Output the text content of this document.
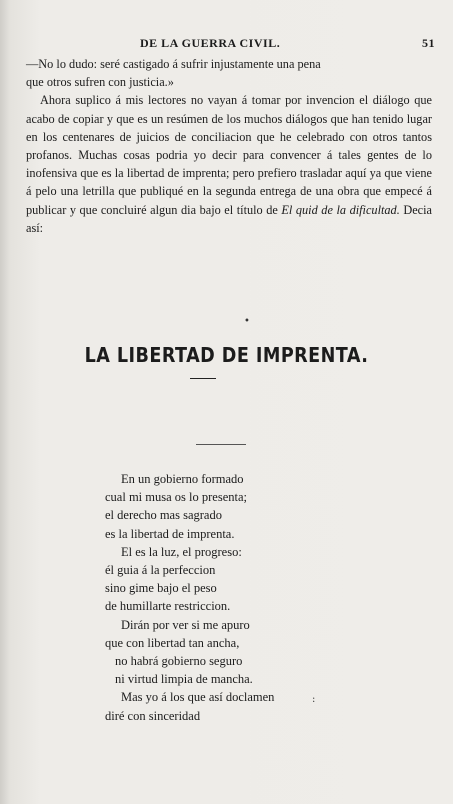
DE LA GUERRA CIVIL.	51

—No lo dudo: seré castigado á sufrir injustamente una pena
que otros sufren con justicia.»

Ahora suplico á mis lectores no vayan á tomar por invencion el diálogo que acabo de copiar y que es un resúmen de los muchos diálogos que han tenido lugar en los centenares de juicios de conciliacion que he celebrado con otros tantos profanos. Muchas cosas podria yo decir para convencer á tales gentes de lo inofensiva que es la libertad de imprenta; pero prefiero trasladar aquí ya que viene á pelo una letrilla que publiqué en la segunda entrega de una obra que empecé á publicar y que concluiré algun dia bajo el título de El quid de la dificultad. Decia así:

•
LA LIBERTAD DE IMPRENTA.
En un gobierno formado
cual mi musa os lo presenta;
el derecho mas sagrado
es la libertad de imprenta.
El es la luz, el progreso:
él guia á la perfeccion
sino gime bajo el peso
de humillarte restriccion.
Dirán por ver si me apuro
que con libertad tan ancha,
no habrá gobierno seguro
ni virtud limpia de mancha.
Mas yo á los que así doclamen
diré con sinceridad
:
